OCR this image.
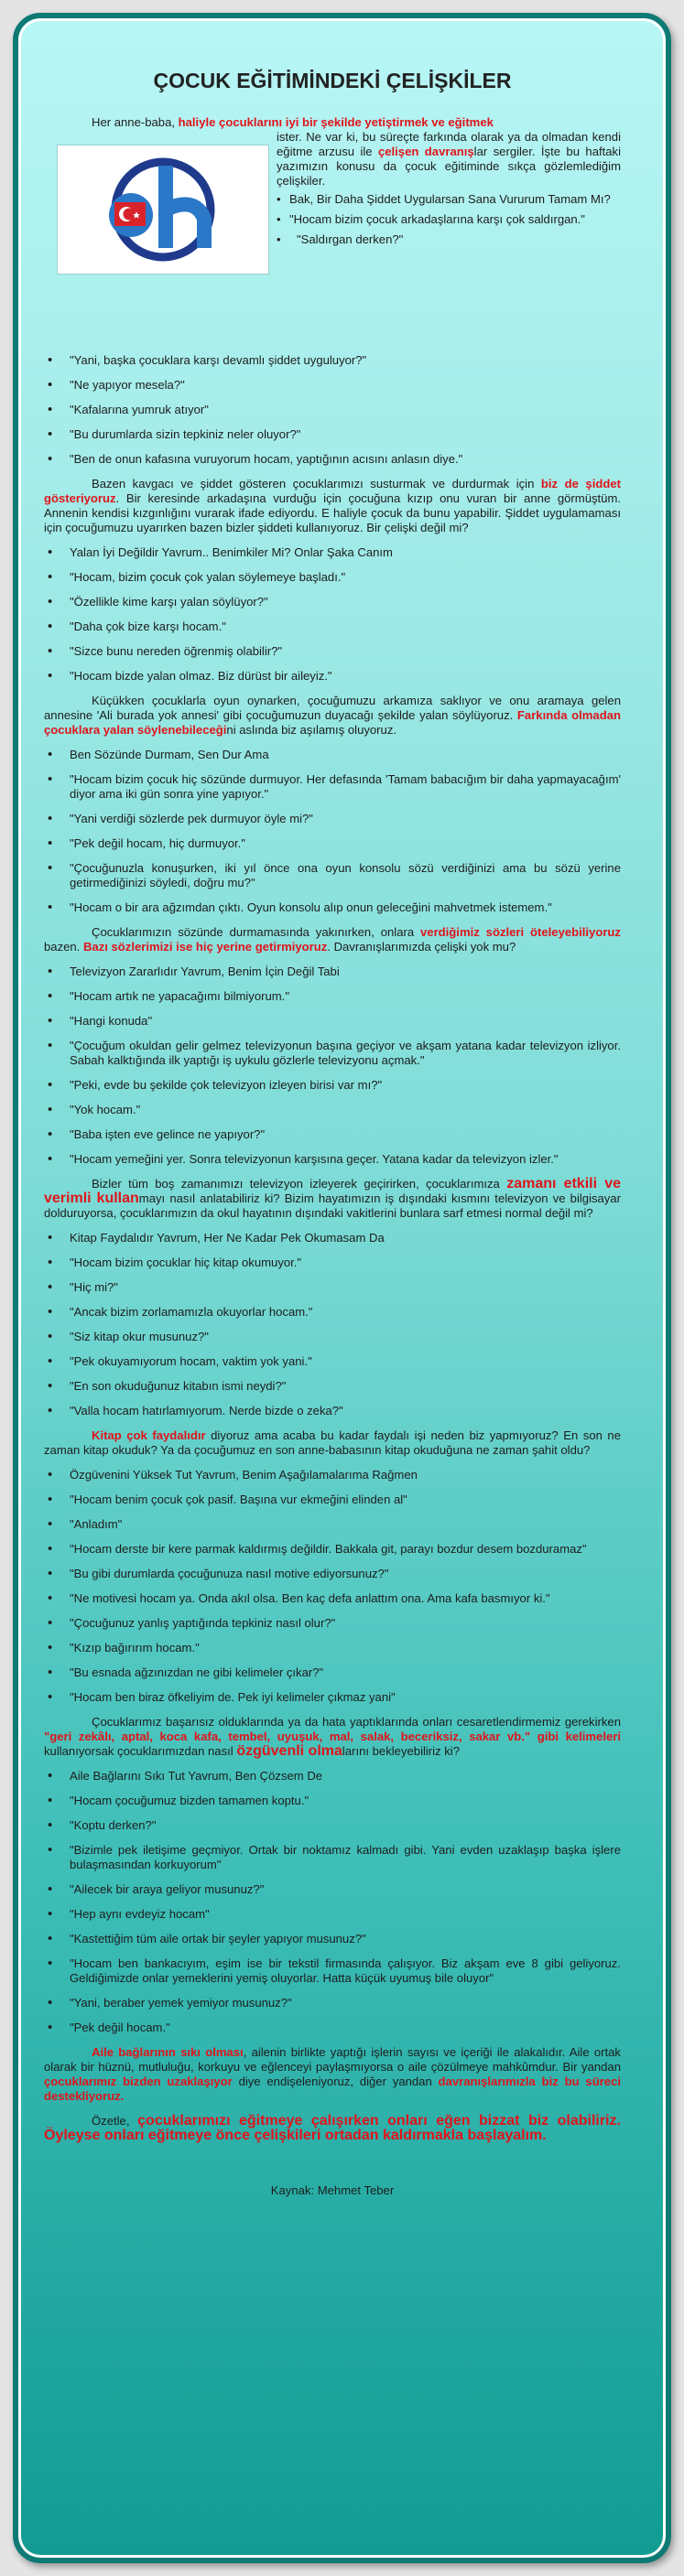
ÇOCUK EĞİTİMİNDEKİ ÇELİŞKİLER

Her anne-baba, haliyle çocuklarını iyi bir şekilde yetiştirmek ve eğitmek

ister. Ne var ki, bu süreçte farkında olarak ya da olmadan kendi eğitme arzusu ile çelişen davranışlar sergiler. İşte bu haftaki yazımızın konusu da çocuk eğitiminde sıkça gözlemlediğim çelişkiler.

• Bak, Bir Daha Şiddet Uygularsan Sana Vururum Tamam Mı?
• "Hocam bizim çocuk arkadaşlarına karşı çok saldırgan."
• "Saldırgan derken?"
• "Yani, başka çocuklara karşı devamlı şiddet uyguluyor?"
• "Ne yapıyor mesela?"
• "Kafalarına yumruk atıyor"
• "Bu durumlarda sizin tepkiniz neler oluyor?"
• "Ben de onun kafasına vuruyorum hocam, yaptığının acısını anlasın diye."

Bazen kavgacı ve şiddet gösteren çocuklarımızı susturmak ve durdurmak için biz de şiddet gösteriyoruz. Bir keresinde arkadaşına vurduğu için çocuğuna kızıp onu vuran bir anne görmüştüm. Annenin kendisi kızgınlığını vurarak ifade ediyordu. E haliyle çocuk da bunu yapabilir. Şiddet uygulamaması için çocuğumuzu uyarırken bazen bizler şiddeti kullanıyoruz. Bir çelişki değil mi?

• Yalan İyi Değildir Yavrum.. Benimkiler Mi? Onlar Şaka Canım
• "Hocam, bizim çocuk çok yalan söylemeye başladı."
• "Özellikle kime karşı yalan söylüyor?"
• "Daha çok bize karşı hocam."
• "Sizce bunu nereden öğrenmiş olabilir?"
• "Hocam bizde yalan olmaz. Biz dürüst bir aileyiz."

Küçükken çocuklarla oyun oynarken, çocuğumuzu arkamıza saklıyor ve onu aramaya gelen annesine 'Ali burada yok annesi' gibi çocuğumuzun duyacağı şekilde yalan söylüyoruz. Farkında olmadan çocuklara yalan söylenebileceğini aslında biz aşılamış oluyoruz.

• Ben Sözünde Durmam, Sen Dur Ama
• "Hocam bizim çocuk hiç sözünde durmuyor. Her defasında 'Tamam babacığım bir daha yapmayacağım' diyor ama iki gün sonra yine yapıyor."
• "Yani verdiği sözlerde pek durmuyor öyle mi?"
• "Pek değil hocam, hiç durmuyor."
• "Çocuğunuzla konuşurken, iki yıl önce ona oyun konsolu sözü verdiğinizi ama bu sözü yerine getirmediğinizi söyledi, doğru mu?"
• "Hocam o bir ara ağzımdan çıktı. Oyun konsolu alıp onun geleceğini mahvetmek istemem."

Çocuklarımızın sözünde durmamasında yakınırken, onlara verdiğimiz sözleri öteleyebiliyoruz bazen. Bazı sözlerimizi ise hiç yerine getirmiyoruz. Davranışlarımızda çelişki yok mu?

• Televizyon Zararlıdır Yavrum, Benim İçin Değil Tabi
• "Hocam artık ne yapacağımı bilmiyorum."
• "Hangi konuda"
• "Çocuğum okuldan gelir gelmez televizyonun başına geçiyor ve akşam yatana kadar televizyon izliyor. Sabah kalktığında ilk yaptığı iş uykulu gözlerle televizyonu açmak."
• "Peki, evde bu şekilde çok televizyon izleyen birisi var mı?"
• "Yok hocam."
• "Baba işten eve gelince ne yapıyor?"
• "Hocam yemeğini yer. Sonra televizyonun karşısına geçer. Yatana kadar da televizyon izler."

Bizler tüm boş zamanımızı televizyon izleyerek geçirirken, çocuklarımıza zamanı etkili ve verimli kullanmayı nasıl anlatabiliriz ki? Bizim hayatımızın iş dışındaki kısmını televizyon ve bilgisayar dolduruyorsa, çocuklarımızın da okul hayatının dışındaki vakitlerini bunlara sarf etmesi normal değil mi?

• Kitap Faydalıdır Yavrum, Her Ne Kadar Pek Okumasam Da
• "Hocam bizim çocuklar hiç kitap okumuyor."
• "Hiç mi?"
• "Ancak bizim zorlamamızla okuyorlar hocam."
• "Siz kitap okur musunuz?"
• "Pek okuyamıyorum hocam, vaktim yok yani."
• "En son okuduğunuz kitabın ismi neydi?"
• "Valla hocam hatırlamıyorum. Nerde bizde o zeka?"

Kitap çok faydalıdır diyoruz ama acaba bu kadar faydalı işi neden biz yapmıyoruz? En son ne zaman kitap okuduk? Ya da çocuğumuz en son anne-babasının kitap okuduğuna ne zaman şahit oldu?

• Özgüvenini Yüksek Tut Yavrum, Benim Aşağılamalarıma Rağmen
• "Hocam benim çocuk çok pasif. Başına vur ekmeğini elinden al"
• "Anladım"
• "Hocam derste bir kere parmak kaldırmış değildir. Bakkala git, parayı bozdur desem bozduramaz"
• "Bu gibi durumlarda çocuğunuza nasıl motive ediyorsunuz?"
• "Ne motivesi hocam ya. Onda akıl olsa. Ben kaç defa anlattım ona. Ama kafa basmıyor ki."
• "Çocuğunuz yanlış yaptığında tepkiniz nasıl olur?"
• "Kızıp bağırırım hocam."
• "Bu esnada ağzınızdan ne gibi kelimeler çıkar?"
• "Hocam ben biraz öfkeliyim de. Pek iyi kelimeler çıkmaz yani"

Çocuklarımız başarısız olduklarında ya da hata yaptıklarında onları cesaretlendirmemiz gerekirken "geri zekâlı, aptal, koca kafa, tembel, uyuşuk, mal, salak, beceriksiz, sakar vb." gibi kelimeleri kullanıyorsak çocuklarımızdan nasıl özgüvenli olmalarını bekleyebiliriz ki?

• Aile Bağlarını Sıkı Tut Yavrum, Ben Çözsem De
• "Hocam çocuğumuz bizden tamamen koptu."
• "Koptu derken?"
• "Bizimle pek iletişime geçmiyor. Ortak bir noktamız kalmadı gibi. Yani evden uzaklaşıp başka işlere bulaşmasından korkuyorum"
• "Ailecek bir araya geliyor musunuz?"
• "Hep aynı evdeyiz hocam"
• "Kastettiğim tüm aile ortak bir şeyler yapıyor musunuz?"
• "Hocam ben bankacıyım, eşim ise bir tekstil firmasında çalışıyor. Biz akşam eve 8 gibi geliyoruz. Geldiğimizde onlar yemeklerini yemiş oluyorlar. Hatta küçük uyumuş bile oluyor"
• "Yani, beraber yemek yemiyor musunuz?"
• "Pek değil hocam."

Aile bağlarının sıkı olması, ailenin birlikte yaptığı işlerin sayısı ve içeriği ile alakalıdır. Aile ortak olarak bir hüznü, mutluluğu, korkuyu ve eğlenceyi paylaşmıyorsa o aile çözülmeye mahkûmdur. Bir yandan çocuklarımız bizden uzaklaşıyor diye endişeleniyoruz, diğer yandan davranışlarımızla biz bu süreci destekliyoruz.

Özetle, çocuklarımızı eğitmeye çalışırken onları eğen bizzat biz olabiliriz. Öyleyse onları eğitmeye önce çelişkileri ortadan kaldırmakla başlayalım.

Kaynak: Mehmet Teber
